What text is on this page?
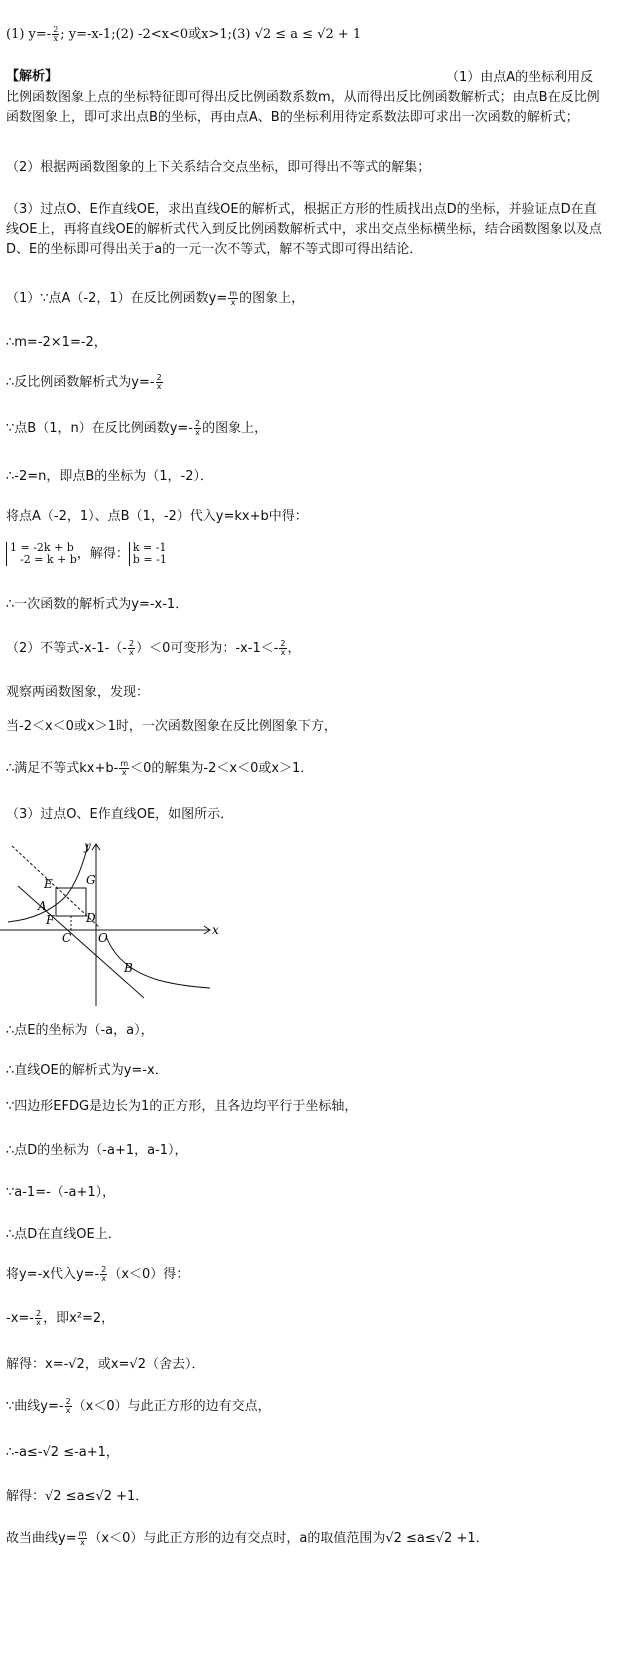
(1) $y=- \frac{2}{x}$ ; y=-x-1;(2) -2<x<0或x>1;(3) √2 ≤ a ≤ √2 + 1
【解析】	（1）由点A的坐标利用反比例函数图象上点的坐标特征即可得出反比例函数系数m，从而得出反比例函数解析式；由点B在反比例函数图象上，即可求出点B的坐标，再由点A、B的坐标利用待定系数法即可求出一次函数的解析式；
（2）根据两函数图象的上下关系结合交点坐标，即可得出不等式的解集；
（3）过点O、E作直线OE，求出直线OE的解析式，根据正方形的性质找出点D的坐标，并验证点D在直线OE上，再将直线OE的解析式代入到反比例函数解析式中，求出交点坐标横坐标，结合函数图象以及点D、E的坐标即可得出关于a的一元一次不等式，解不等式即可得出结论．
（1）∵点A（-2，1）在反比例函数$y= \frac{m}{x}$ 的图象上，
∴m=-2×1=-2，
∴反比例函数解析式为$y=- \frac{2}{x}$
∵点B（1，n）在反比例函数$y=- \frac{2}{x}$ 的图象上，
∴-2=n，即点B的坐标为（1，-2）．
将点A（-2，1）、点B（1，-2）代入y=kx+b中得：
1 = -2k + b
-2 = k + b ，解得： k = -1
b = -1
∴一次函数的解析式为y=-x-1．
（2）不等式$-x-1-(- \frac{2}{x} )<0$可变形为：$-x-1<- \frac{2}{x}$ ，
观察两函数图象，发现：
当-2＜x＜0或x＞1时，一次函数图象在反比例图象下方，
∴满足不等式$kx+b- \frac{m}{x} <0$的解集为-2＜x＜0或x＞1．
（3）过点O、E作直线OE，如图所示．
y
x
E	G
A
F	D
C O
B
∴点E的坐标为（-a，a），
∴直线OE的解析式为y=-x．
∵四边形EFDG是边长为1的正方形，且各边均平行于坐标轴，
∴点D的坐标为（-a+1，a-1），
∵a-1=-（-a+1），
∴点D在直线OE上．
将y=-x代入$y=- \frac{2}{x} (x<0)$得：
$-x=- \frac{2}{x}$ ，即x²=2，
解得：x=-√2，或x=√2（舍去）．
∵曲线$y=- \frac{2}{x} (x<0)$与此正方形的边有交点，
∴-a≤-√2 ≤-a+1，
解得：√2 ≤a≤√2 +1．
故当曲线$y= \frac{m}{x} (x<0)$与此正方形的边有交点时，a的取值范围为√2 ≤a≤√2 +1．
